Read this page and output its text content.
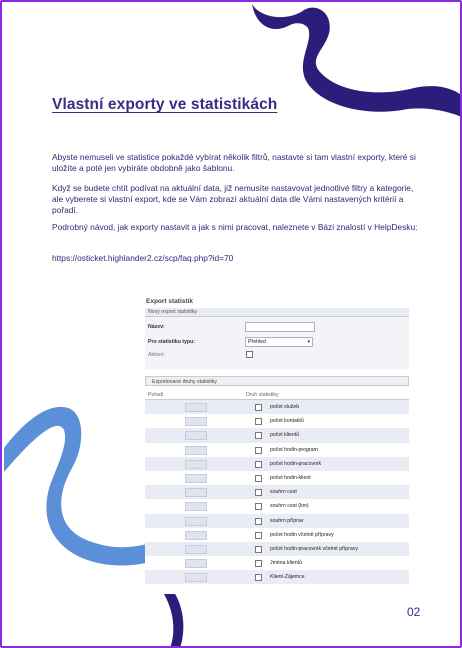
Vlastní exporty ve statistikách

Abyste nemuseli ve statistice pokaždé vybírat několik filtrů, nastavte si tam vlastní exporty, které si uložíte a poté jen vybíráte obdobně jako šablonu.

Když se budete chtít podívat na aktuální data, již nemusíte nastavovat jednotlivé filtry a kategorie, ale vyberete si vlastní export, kde se Vám zobrazí aktuální data dle Vámi nastavených kritérií a pořadí.

Podrobný návod, jak exporty nastavit a jak s nimi pracovat, naleznete v Bázi znalostí v HelpDesku:

https://osticket.highlander2.cz/scp/faq.php?id=70

Export statistik
Nový export statistiky
Název:
Pro statistiku typu:	Přehled	▾
Aktivní:
Exportované druhy statistiky
Pořadí	Druh statistiky
počet služeb
počet kontaktů
počet klientů
počet hodin-program
počet hodin-pracovník
počet hodin-klient
souhrn cest
souhrn cest (km)
souhrn příprav
počet hodin včetně přípravy
počet hodin-pracovník včetně přípravy
Jména klientů
Klient-Zájemce
02
